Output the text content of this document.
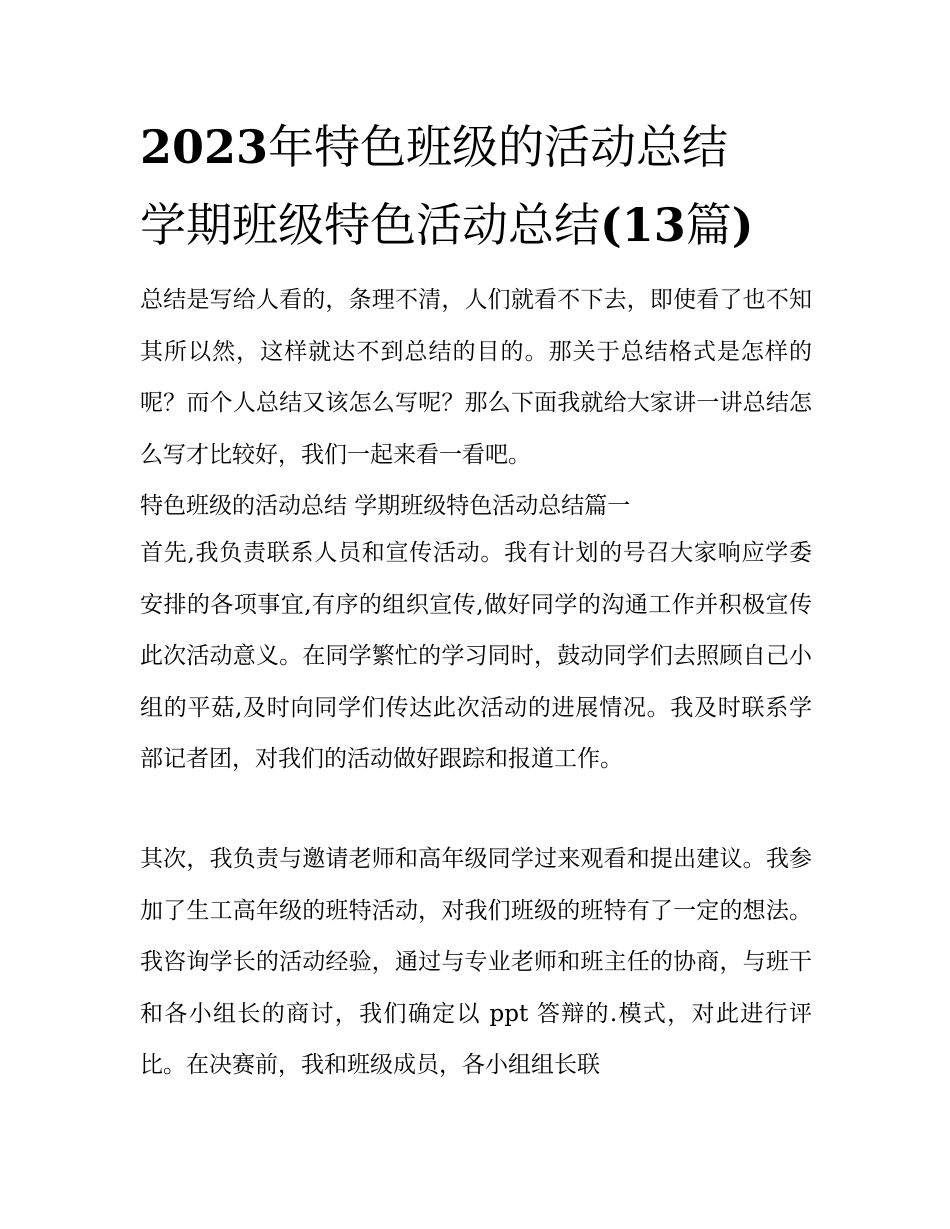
2023年特色班级的活动总结
学期班级特色活动总结(13篇)
总结是写给人看的，条理不清，人们就看不下去，即使看了也不知其所以然，这样就达不到总结的目的。那关于总结格式是怎样的呢？而个人总结又该怎么写呢？那么下面我就给大家讲一讲总结怎么写才比较好，我们一起来看一看吧。
特色班级的活动总结 学期班级特色活动总结篇一
首先,我负责联系人员和宣传活动。我有计划的号召大家响应学委安排的各项事宜,有序的组织宣传,做好同学的沟通工作并积极宣传此次活动意义。在同学繁忙的学习同时，鼓动同学们去照顾自己小组的平菇,及时向同学们传达此次活动的进展情况。我及时联系学部记者团，对我们的活动做好跟踪和报道工作。
其次，我负责与邀请老师和高年级同学过来观看和提出建议。我参加了生工高年级的班特活动，对我们班级的班特有了一定的想法。我咨询学长的活动经验，通过与专业老师和班主任的协商，与班干和各小组长的商讨，我们确定以 ppt 答辩的.模式，对此进行评比。在决赛前，我和班级成员，各小组组长联
